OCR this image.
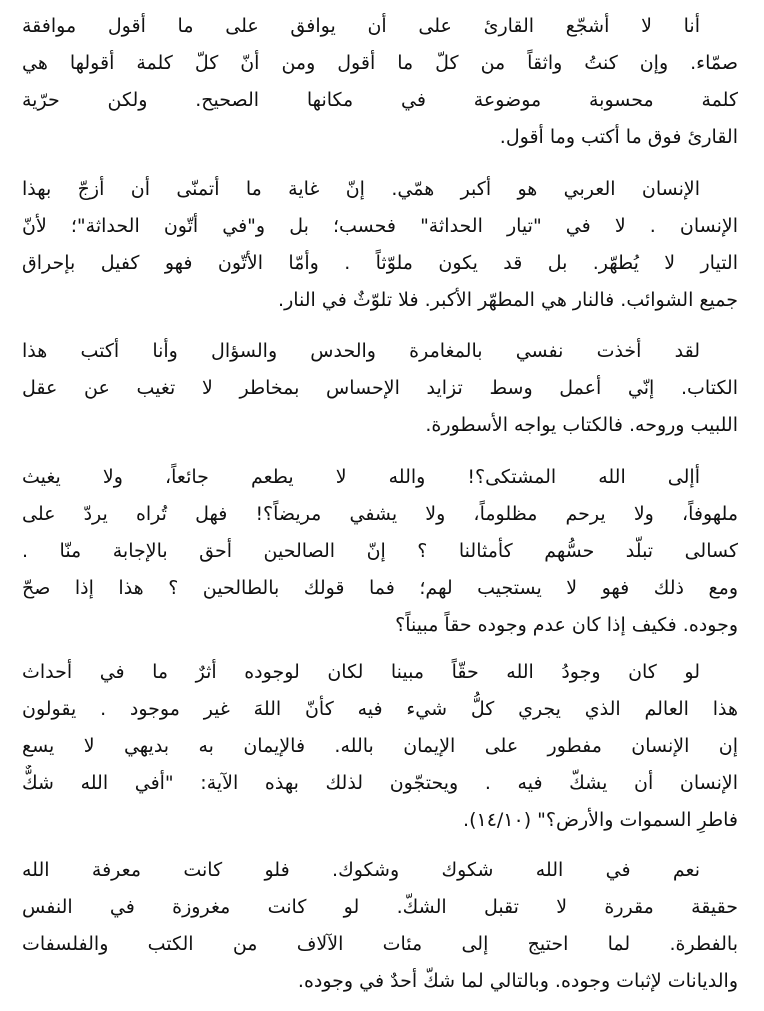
أنا لا أشجّع القارئ على أن يوافق على ما أقول موافقة
صمّاء. وإن كنتُ واثقاً من كلّ ما أقول ومن أنّ كلّ كلمة أقولها هي
كلمة محسوبة موضوعة في مكانها الصحيح. ولكن حرّية
القارئ فوق ما أكتب وما أقول.
الإنسان العربي هو أكبر همّي. إنّ غاية ما أتمنّى أن أزجّ بهذا
الإنسان . لا في "تيار الحداثة" فحسب؛ بل و"في أتّون الحداثة"؛ لأنّ
التيار لا يُطهّر. بل قد يكون ملوّثاً . وأمّا الأتّون فهو كفيل بإحراق
جميع الشوائب. فالنار هي المطهّر الأكبر. فلا تلوّثٌ في النار.
لقد أخذت نفسي بالمغامرة والحدس والسؤال وأنا أكتب هذا
الكتاب. إنّي أعمل وسط تزايد الإحساس بمخاطر لا تغيب عن عقل
اللبيب وروحه. فالكتاب يواجه الأسطورة.
أإلى الله المشتكى؟! والله لا يطعم جائعاً، ولا يغيث
ملهوفاً، ولا يرحم مظلوماً، ولا يشفي مريضاً؟! فهل تُراه يردّ على
كسالى تبلّد حسُّهم كأمثالنا ؟ إنّ الصالحين أحق بالإجابة منّا .
ومع ذلك فهو لا يستجيب لهم؛ فما قولك بالطالحين ؟ هذا إذا صحّ
وجوده. فكيف إذا كان عدم وجوده حقاً مبيناً؟
لو كان وجودُ الله حقّاً مبينا لكان لوجوده أثرٌ ما في أحداث
هذا العالم الذي يجري كلُّ شيء فيه كأنّ اللهَ غير موجود . يقولون
إن الإنسان مفطور على الإيمان بالله. فالإيمان به بديهي لا يسع
الإنسان أن يشكّ فيه . ويحتجّون لذلك بهذه الآية: "أفي الله شكٌّ
فاطرِ السموات والأرض؟" (١٤/١٠).
نعم في الله شكوك وشكوك. فلو كانت معرفة الله
حقيقة مقررة لا تقبل الشكّ. لو كانت مغروزة في النفس
بالفطرة. لما احتيج إلى مئات الآلاف من الكتب والفلسفات
والديانات لإثبات وجوده. وبالتالي لما شكّ أحدٌ في وجوده.
